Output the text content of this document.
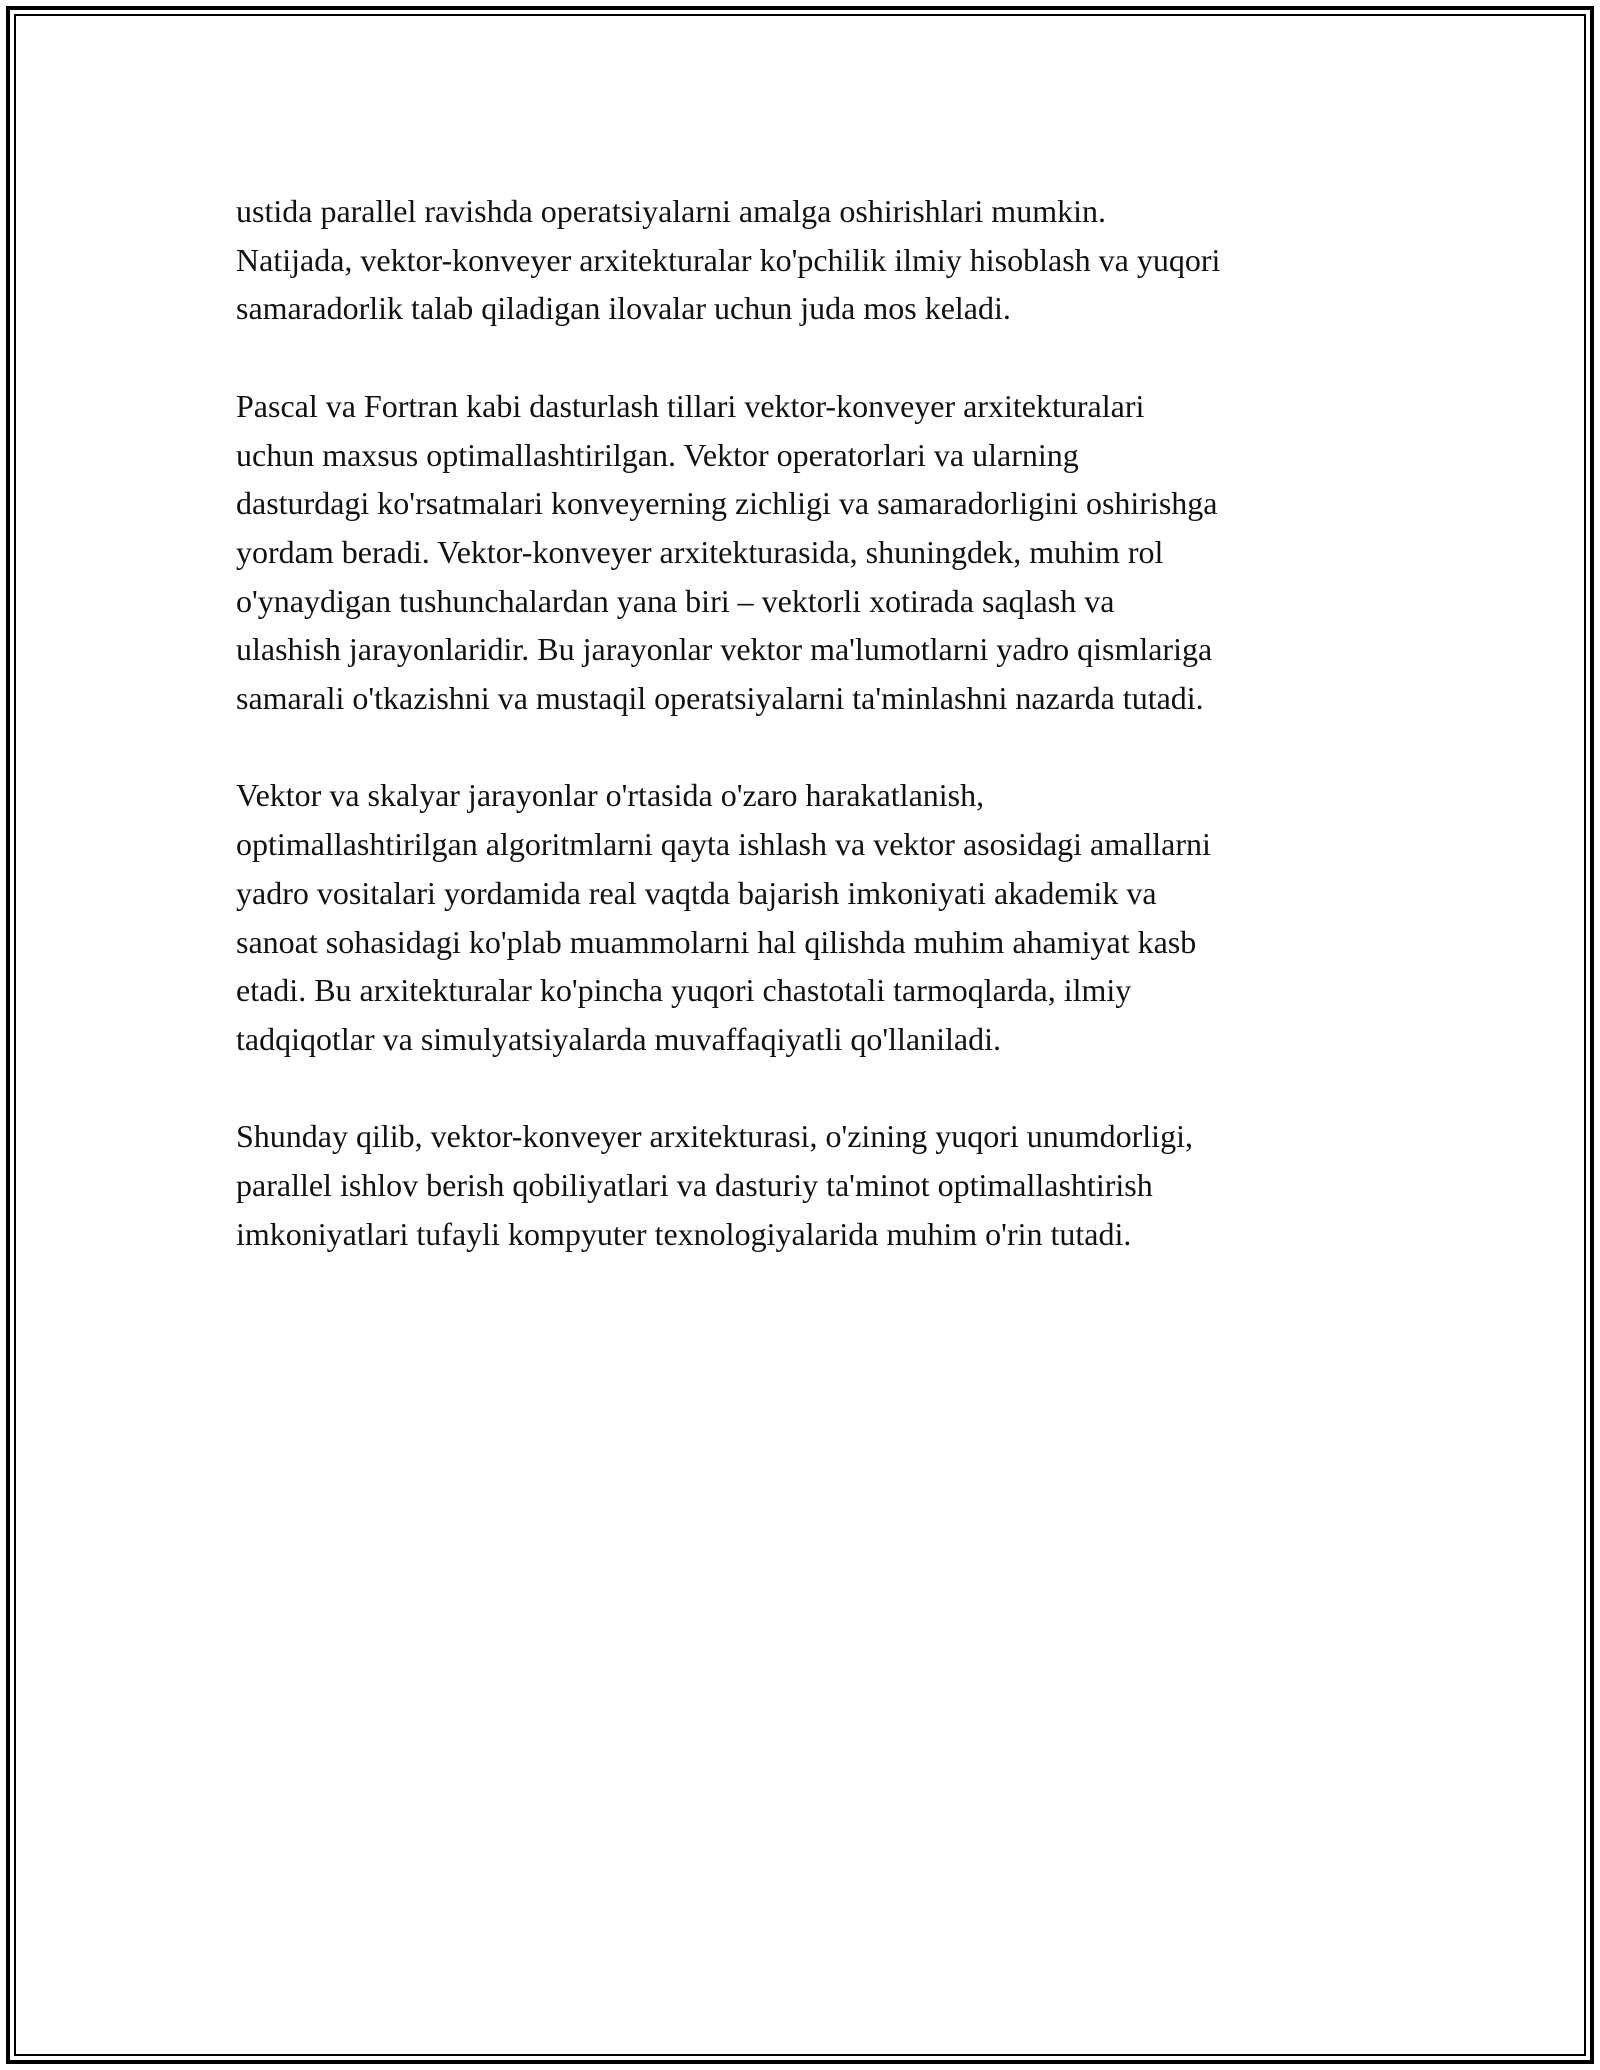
ustida parallel ravishda operatsiyalarni amalga oshirishlari mumkin.
Natijada, vektor-konveyer arxitekturalar ko'pchilik ilmiy hisoblash va yuqori
samaradorlik talab qiladigan ilovalar uchun juda mos keladi.

Pascal va Fortran kabi dasturlash tillari vektor-konveyer arxitekturalari
uchun maxsus optimallashtirilgan. Vektor operatorlari va ularning
dasturdagi ko'rsatmalari konveyerning zichligi va samaradorligini oshirishga
yordam beradi. Vektor-konveyer arxitekturasida, shuningdek, muhim rol
o'ynaydigan tushunchalardan yana biri – vektorli xotirada saqlash va
ulashish jarayonlaridir. Bu jarayonlar vektor ma'lumotlarni yadro qismlariga
samarali o'tkazishni va mustaqil operatsiyalarni ta'minlashni nazarda tutadi.

Vektor va skalyar jarayonlar o'rtasida o'zaro harakatlanish,
optimallashtirilgan algoritmlarni qayta ishlash va vektor asosidagi amallarni
yadro vositalari yordamida real vaqtda bajarish imkoniyati akademik va
sanoat sohasidagi ko'plab muammolarni hal qilishda muhim ahamiyat kasb
etadi. Bu arxitekturalar ko'pincha yuqori chastotali tarmoqlarda, ilmiy
tadqiqotlar va simulyatsiyalarda muvaffaqiyatli qo'llaniladi.

Shunday qilib, vektor-konveyer arxitekturasi, o'zining yuqori unumdorligi,
parallel ishlov berish qobiliyatlari va dasturiy ta'minot optimallashtirish
imkoniyatlari tufayli kompyuter texnologiyalarida muhim o'rin tutadi.
